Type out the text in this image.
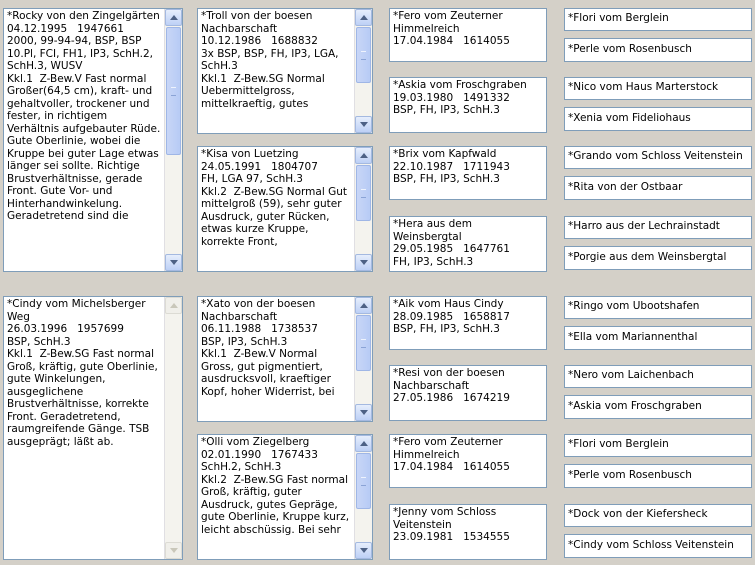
*Rocky von den Zingelgärten
04.12.1995   1947661
2000, 99-94-94, BSP, BSP 10.Pl, FCI, FH1, IP3, SchH.2, SchH.3, WUSV
Kkl.1  Z-Bew.V Fast normal Großer(64,5 cm), kraft- und gehaltvoller, trockener und fester, in richtigem Verhältnis aufgebauter Rüde. Gute Oberlinie, wobei die Kruppe bei guter Lage etwas länger sei sollte. Richtige Brustverhältnisse, gerade Front. Gute Vor- und Hinterhandwinkelung. Geradetretend sind die
*Troll von der boesen Nachbarschaft
10.12.1986   1688832
3x BSP, BSP, FH, IP3, LGA, SchH.3
Kkl.1  Z-Bew.SG Normal Uebermittelgross, mittelkraeftig, gutes
*Kisa von Luetzing
24.05.1991   1804707
FH, LGA 97, SchH.3
Kkl.2  Z-Bew.SG Normal Gut mittelgroß (59), sehr guter Ausdruck, guter Rücken, etwas kurze Kruppe, korrekte Front,
*Fero vom Zeuterner Himmelreich
17.04.1984   1614055
*Askia vom Froschgraben
19.03.1980   1491332
BSP, FH, IP3, SchH.3
*Brix vom Kapfwald
22.10.1987   1711943
BSP, FH, IP3, SchH.3
*Hera aus dem Weinsbergtal
29.05.1985   1647761
FH, IP3, SchH.3
*Flori vom Berglein
*Perle vom Rosenbusch
*Nico vom Haus Marterstock
*Xenia vom Fideliohaus
*Grando vom Schloss Veitenstein
*Rita von der Ostbaar
*Harro aus der Lechrainstadt
*Porgie aus dem Weinsbergtal
*Cindy vom Michelsberger Weg
26.03.1996   1957699
BSP, SchH.3
Kkl.1  Z-Bew.SG Fast normal Groß, kräftig, gute Oberlinie, gute Winkelungen, ausgeglichene Brustverhältnisse, korrekte Front. Geradetretend, raumgreifende Gänge. TSB ausgeprägt; läßt ab.
*Xato von der boesen Nachbarschaft
06.11.1988   1738537
BSP, IP3, SchH.3
Kkl.1  Z-Bew.V Normal Gross, gut pigmentiert, ausdrucksvoll, kraeftiger Kopf, hoher Widerrist, bei
*Olli vom Ziegelberg
02.01.1990   1767433
SchH.2, SchH.3
Kkl.2  Z-Bew.SG Fast normal Groß, kräftig, guter Ausdruck, gutes Gepräge, gute Oberlinie, Kruppe kurz, leicht abschüssig. Bei sehr
*Aik vom Haus Cindy
28.09.1985   1658817
BSP, FH, IP3, SchH.3
*Resi von der boesen Nachbarschaft
27.05.1986   1674219
*Fero vom Zeuterner Himmelreich
17.04.1984   1614055
*Jenny vom Schloss Veitenstein
23.09.1981   1534555
*Ringo vom Ubootshafen
*Ella vom Mariannenthal
*Nero vom Laichenbach
*Askia vom Froschgraben
*Flori vom Berglein
*Perle vom Rosenbusch
*Dock von der Kiefersheck
*Cindy vom Schloss Veitenstein
